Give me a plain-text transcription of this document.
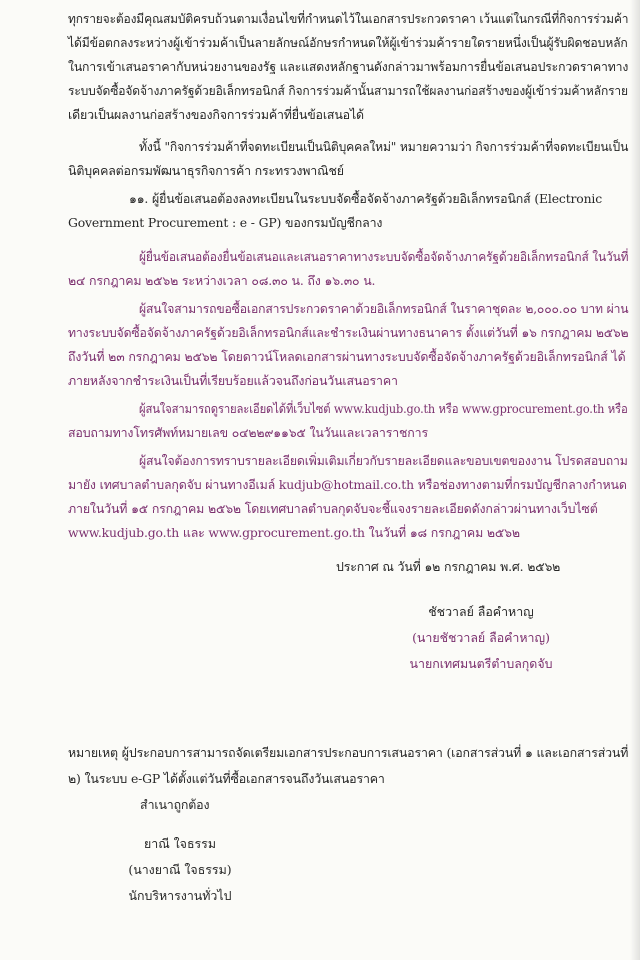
ทุกรายจะต้องมีคุณสมบัติครบถ้วนตามเงื่อนไขที่กำหนดไว้ในเอกสารประกวดราคา เว้นแต่ในกรณีที่กิจการร่วมค้า
ได้มีข้อตกลงระหว่างผู้เข้าร่วมค้าเป็นลายลักษณ์อักษรกำหนดให้ผู้เข้าร่วมค้ารายใดรายหนึ่งเป็นผู้รับผิดชอบหลัก
ในการเข้าเสนอราคากับหน่วยงานของรัฐ และแสดงหลักฐานดังกล่าวมาพร้อมการยื่นข้อเสนอประกวดราคาทาง
ระบบจัดซื้อจัดจ้างภาครัฐด้วยอิเล็กทรอนิกส์ กิจการร่วมค้านั้นสามารถใช้ผลงานก่อสร้างของผู้เข้าร่วมค้าหลักราย
เดียวเป็นผลงานก่อสร้างของกิจการร่วมค้าที่ยื่นข้อเสนอได้
ทั้งนี้ "กิจการร่วมค้าที่จดทะเบียนเป็นนิติบุคคลใหม่" หมายความว่า กิจการร่วมค้าที่จดทะเบียนเป็น
นิติบุคคลต่อกรมพัฒนาธุรกิจการค้า กระทรวงพาณิชย์
๑๑. ผู้ยื่นข้อเสนอต้องลงทะเบียนในระบบจัดซื้อจัดจ้างภาครัฐด้วยอิเล็กทรอนิกส์ (Electronic
Government Procurement : e - GP) ของกรมบัญชีกลาง
ผู้ยื่นข้อเสนอต้องยื่นข้อเสนอและเสนอราคาทางระบบจัดซื้อจัดจ้างภาครัฐด้วยอิเล็กทรอนิกส์ ในวันที่
๒๔ กรกฎาคม ๒๕๖๒ ระหว่างเวลา ๐๘.๓๐ น. ถึง ๑๖.๓๐ น.
ผู้สนใจสามารถขอซื้อเอกสารประกวดราคาด้วยอิเล็กทรอนิกส์ ในราคาชุดละ ๒,๐๐๐.๐๐ บาท ผ่าน
ทางระบบจัดซื้อจัดจ้างภาครัฐด้วยอิเล็กทรอนิกส์และชำระเงินผ่านทางธนาคาร ตั้งแต่วันที่ ๑๖ กรกฎาคม ๒๕๖๒
ถึงวันที่ ๒๓ กรกฎาคม ๒๕๖๒ โดยดาวน์โหลดเอกสารผ่านทางระบบจัดซื้อจัดจ้างภาครัฐด้วยอิเล็กทรอนิกส์ ได้
ภายหลังจากชำระเงินเป็นที่เรียบร้อยแล้วจนถึงก่อนวันเสนอราคา
ผู้สนใจสามารถดูรายละเอียดได้ที่เว็บไซต์ www.kudjub.go.th หรือ www.gprocurement.go.th หรือ
สอบถามทางโทรศัพท์หมายเลข ๐๔๒๒๙๑๑๖๕ ในวันและเวลาราชการ
ผู้สนใจต้องการทราบรายละเอียดเพิ่มเติมเกี่ยวกับรายละเอียดและขอบเขตของงาน โปรดสอบถาม
มายัง เทศบาลตำบลกุดจับ ผ่านทางอีเมล์ kudjub@hotmail.co.th หรือช่องทางตามที่กรมบัญชีกลางกำหนด
ภายในวันที่ ๑๕ กรกฎาคม ๒๕๖๒ โดยเทศบาลตำบลกุดจับจะชี้แจงรายละเอียดดังกล่าวผ่านทางเว็บไซต์
www.kudjub.go.th และ www.gprocurement.go.th ในวันที่ ๑๘ กรกฎาคม ๒๕๖๒
ประกาศ ณ วันที่ ๑๒ กรกฎาคม พ.ศ. ๒๕๖๒
ชัชวาลย์ ลือคำหาญ
(นายชัชวาลย์ ลือคำหาญ)
นายกเทศมนตรีตำบลกุดจับ
หมายเหตุ ผู้ประกอบการสามารถจัดเตรียมเอกสารประกอบการเสนอราคา (เอกสารส่วนที่ ๑ และเอกสารส่วนที่
๒) ในระบบ e-GP ได้ตั้งแต่วันที่ซื้อเอกสารจนถึงวันเสนอราคา
สำเนาถูกต้อง
ยาณี ใจธรรม
(นางยาณี ใจธรรม)
นักบริหารงานทั่วไป
